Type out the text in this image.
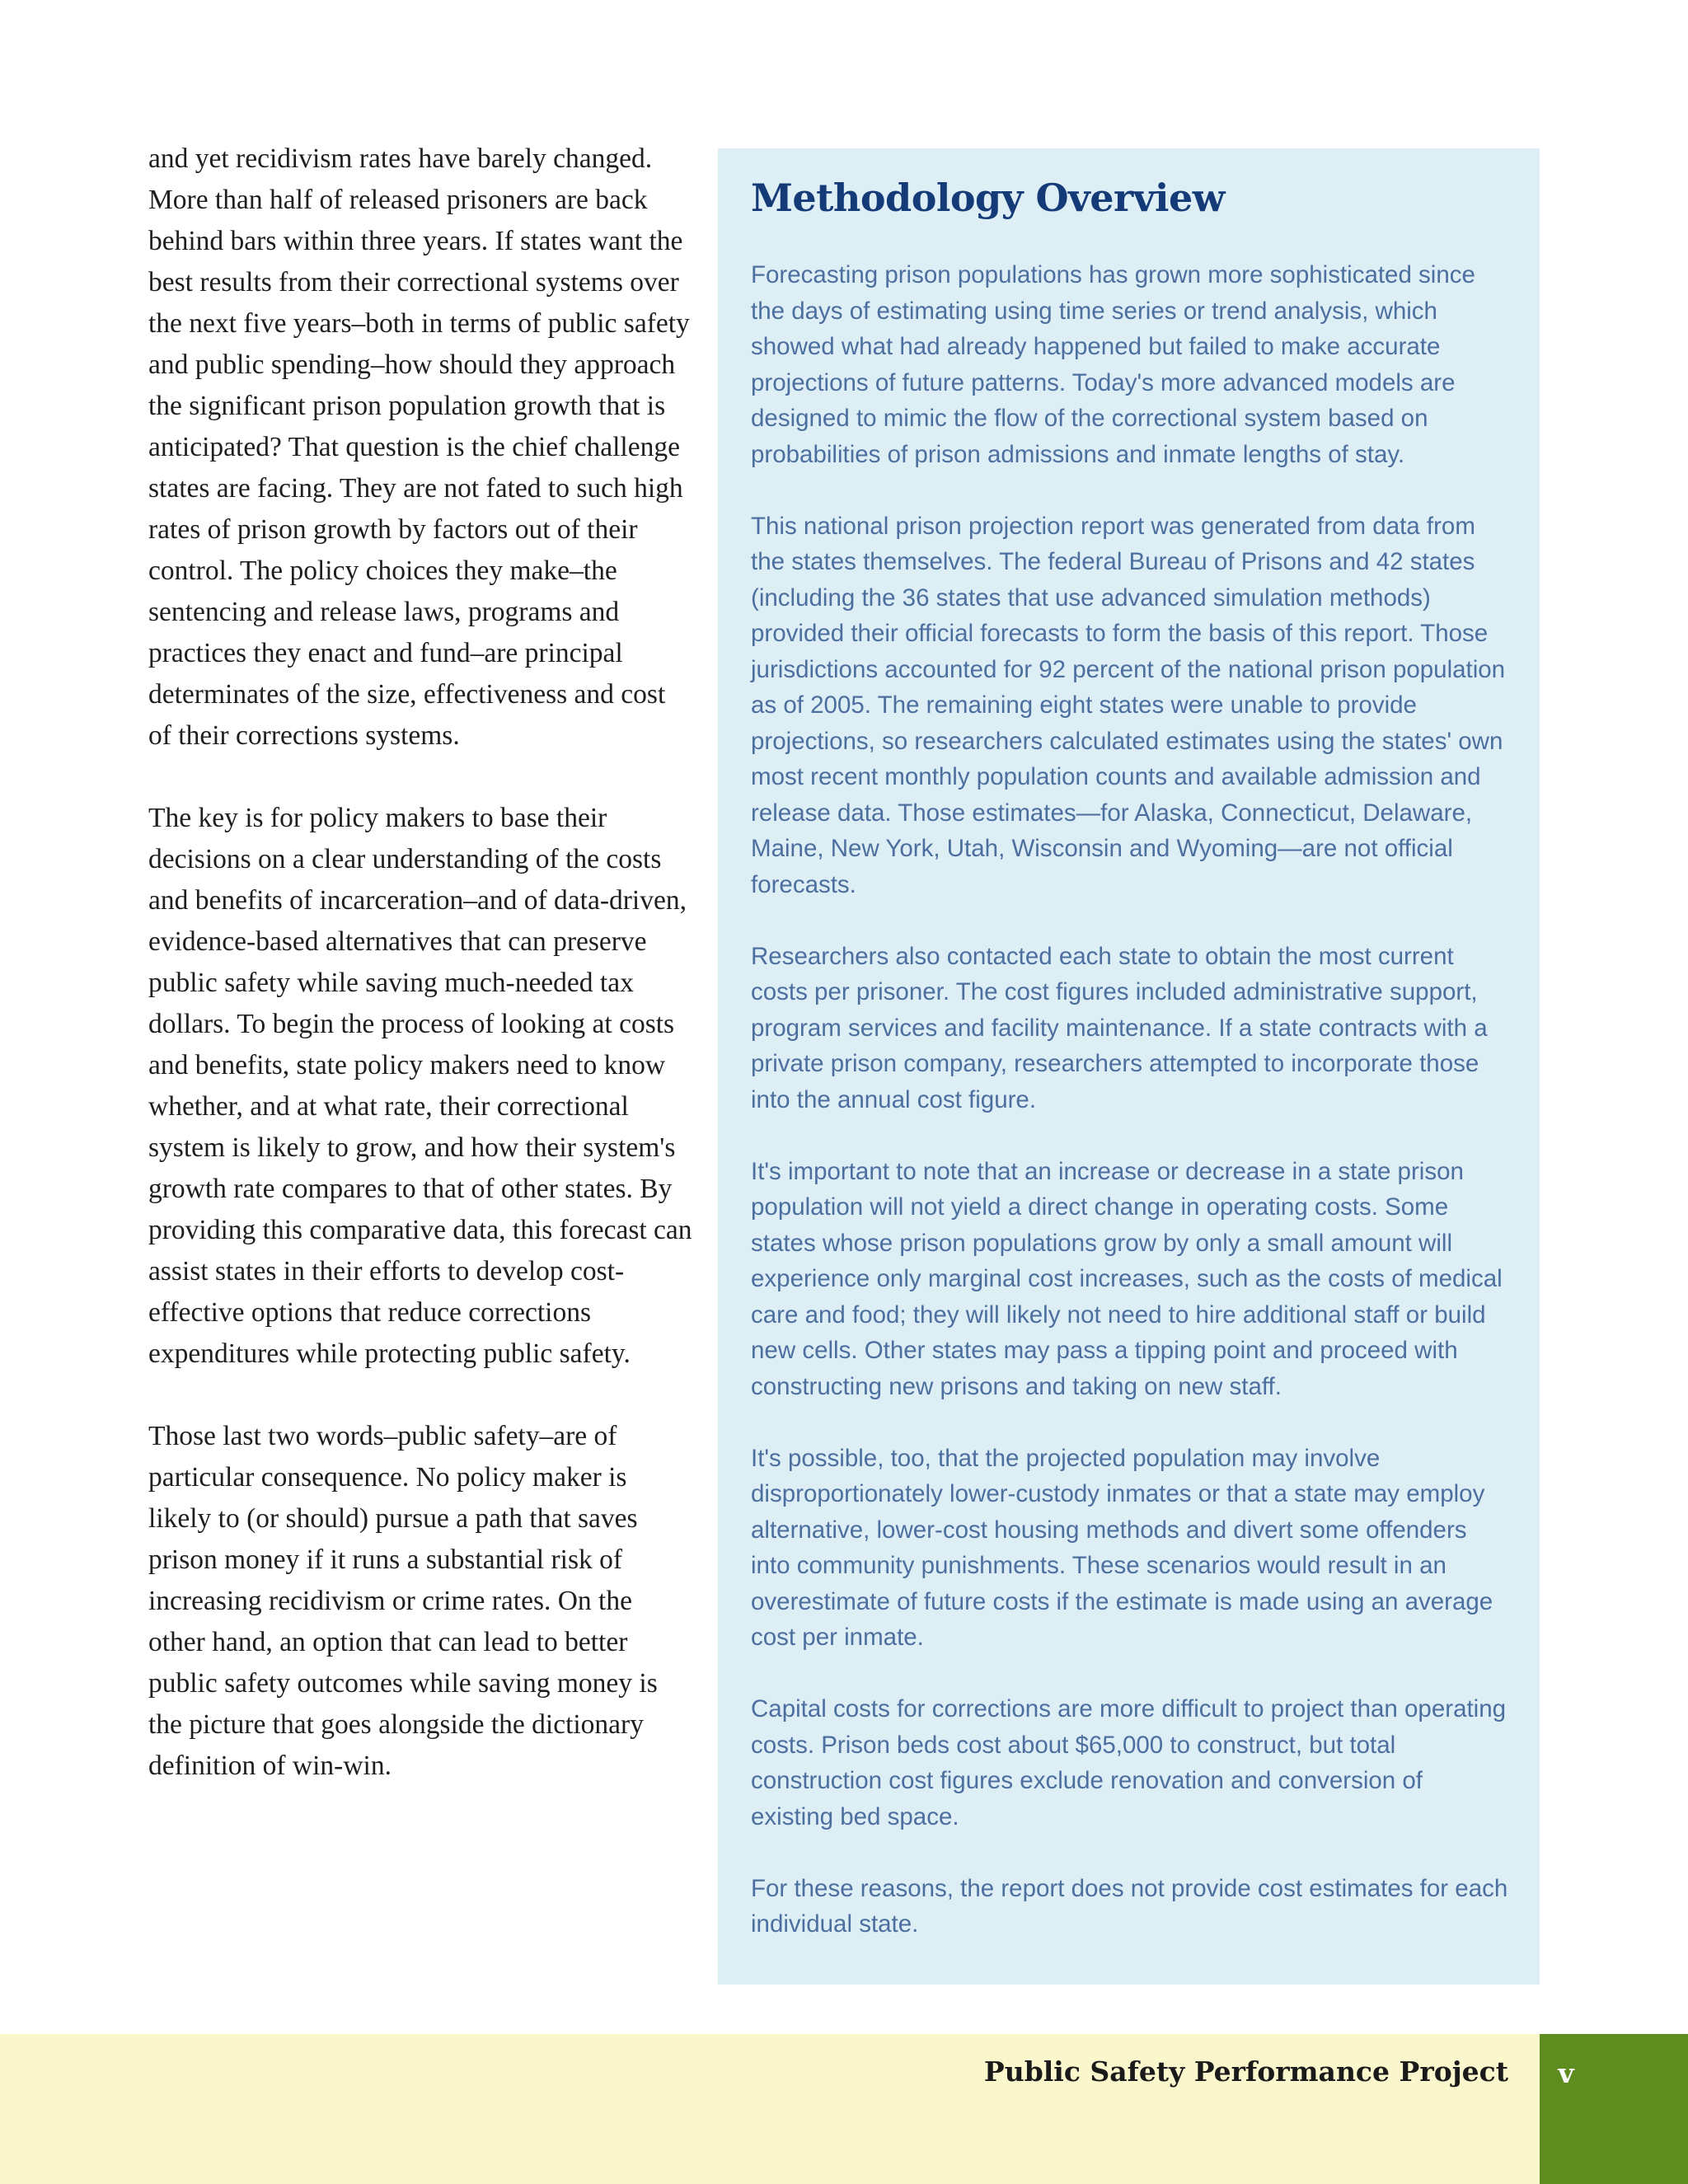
and yet recidivism rates have barely changed. More than half of released prisoners are back behind bars within three years. If states want the best results from their correctional systems over the next five years–both in terms of public safety and public spending–how should they approach the significant prison population growth that is anticipated? That question is the chief challenge states are facing. They are not fated to such high rates of prison growth by factors out of their control. The policy choices they make–the sentencing and release laws, programs and practices they enact and fund–are principal determinates of the size, effectiveness and cost of their corrections systems.

The key is for policy makers to base their decisions on a clear understanding of the costs and benefits of incarceration–and of data-driven, evidence-based alternatives that can preserve public safety while saving much-needed tax dollars. To begin the process of looking at costs and benefits, state policy makers need to know whether, and at what rate, their correctional system is likely to grow, and how their system's growth rate compares to that of other states. By providing this comparative data, this forecast can assist states in their efforts to develop cost-effective options that reduce corrections expenditures while protecting public safety.

Those last two words–public safety–are of particular consequence. No policy maker is likely to (or should) pursue a path that saves prison money if it runs a substantial risk of increasing recidivism or crime rates. On the other hand, an option that can lead to better public safety outcomes while saving money is the picture that goes alongside the dictionary definition of win-win.

Methodology Overview

Forecasting prison populations has grown more sophisticated since the days of estimating using time series or trend analysis, which showed what had already happened but failed to make accurate projections of future patterns. Today's more advanced models are designed to mimic the flow of the correctional system based on probabilities of prison admissions and inmate lengths of stay.

This national prison projection report was generated from data from the states themselves. The federal Bureau of Prisons and 42 states (including the 36 states that use advanced simulation methods) provided their official forecasts to form the basis of this report. Those jurisdictions accounted for 92 percent of the national prison population as of 2005. The remaining eight states were unable to provide projections, so researchers calculated estimates using the states' own most recent monthly population counts and available admission and release data. Those estimates—for Alaska, Connecticut, Delaware, Maine, New York, Utah, Wisconsin and Wyoming—are not official forecasts.

Researchers also contacted each state to obtain the most current costs per prisoner. The cost figures included administrative support, program services and facility maintenance. If a state contracts with a private prison company, researchers attempted to incorporate those into the annual cost figure.

It's important to note that an increase or decrease in a state prison population will not yield a direct change in operating costs. Some states whose prison populations grow by only a small amount will experience only marginal cost increases, such as the costs of medical care and food; they will likely not need to hire additional staff or build new cells. Other states may pass a tipping point and proceed with constructing new prisons and taking on new staff.

It's possible, too, that the projected population may involve disproportionately lower-custody inmates or that a state may employ alternative, lower-cost housing methods and divert some offenders into community punishments. These scenarios would result in an overestimate of future costs if the estimate is made using an average cost per inmate.

Capital costs for corrections are more difficult to project than operating costs. Prison beds cost about $65,000 to construct, but total construction cost figures exclude renovation and conversion of existing bed space.

For these reasons, the report does not provide cost estimates for each individual state.

Public Safety Performance Project	v
